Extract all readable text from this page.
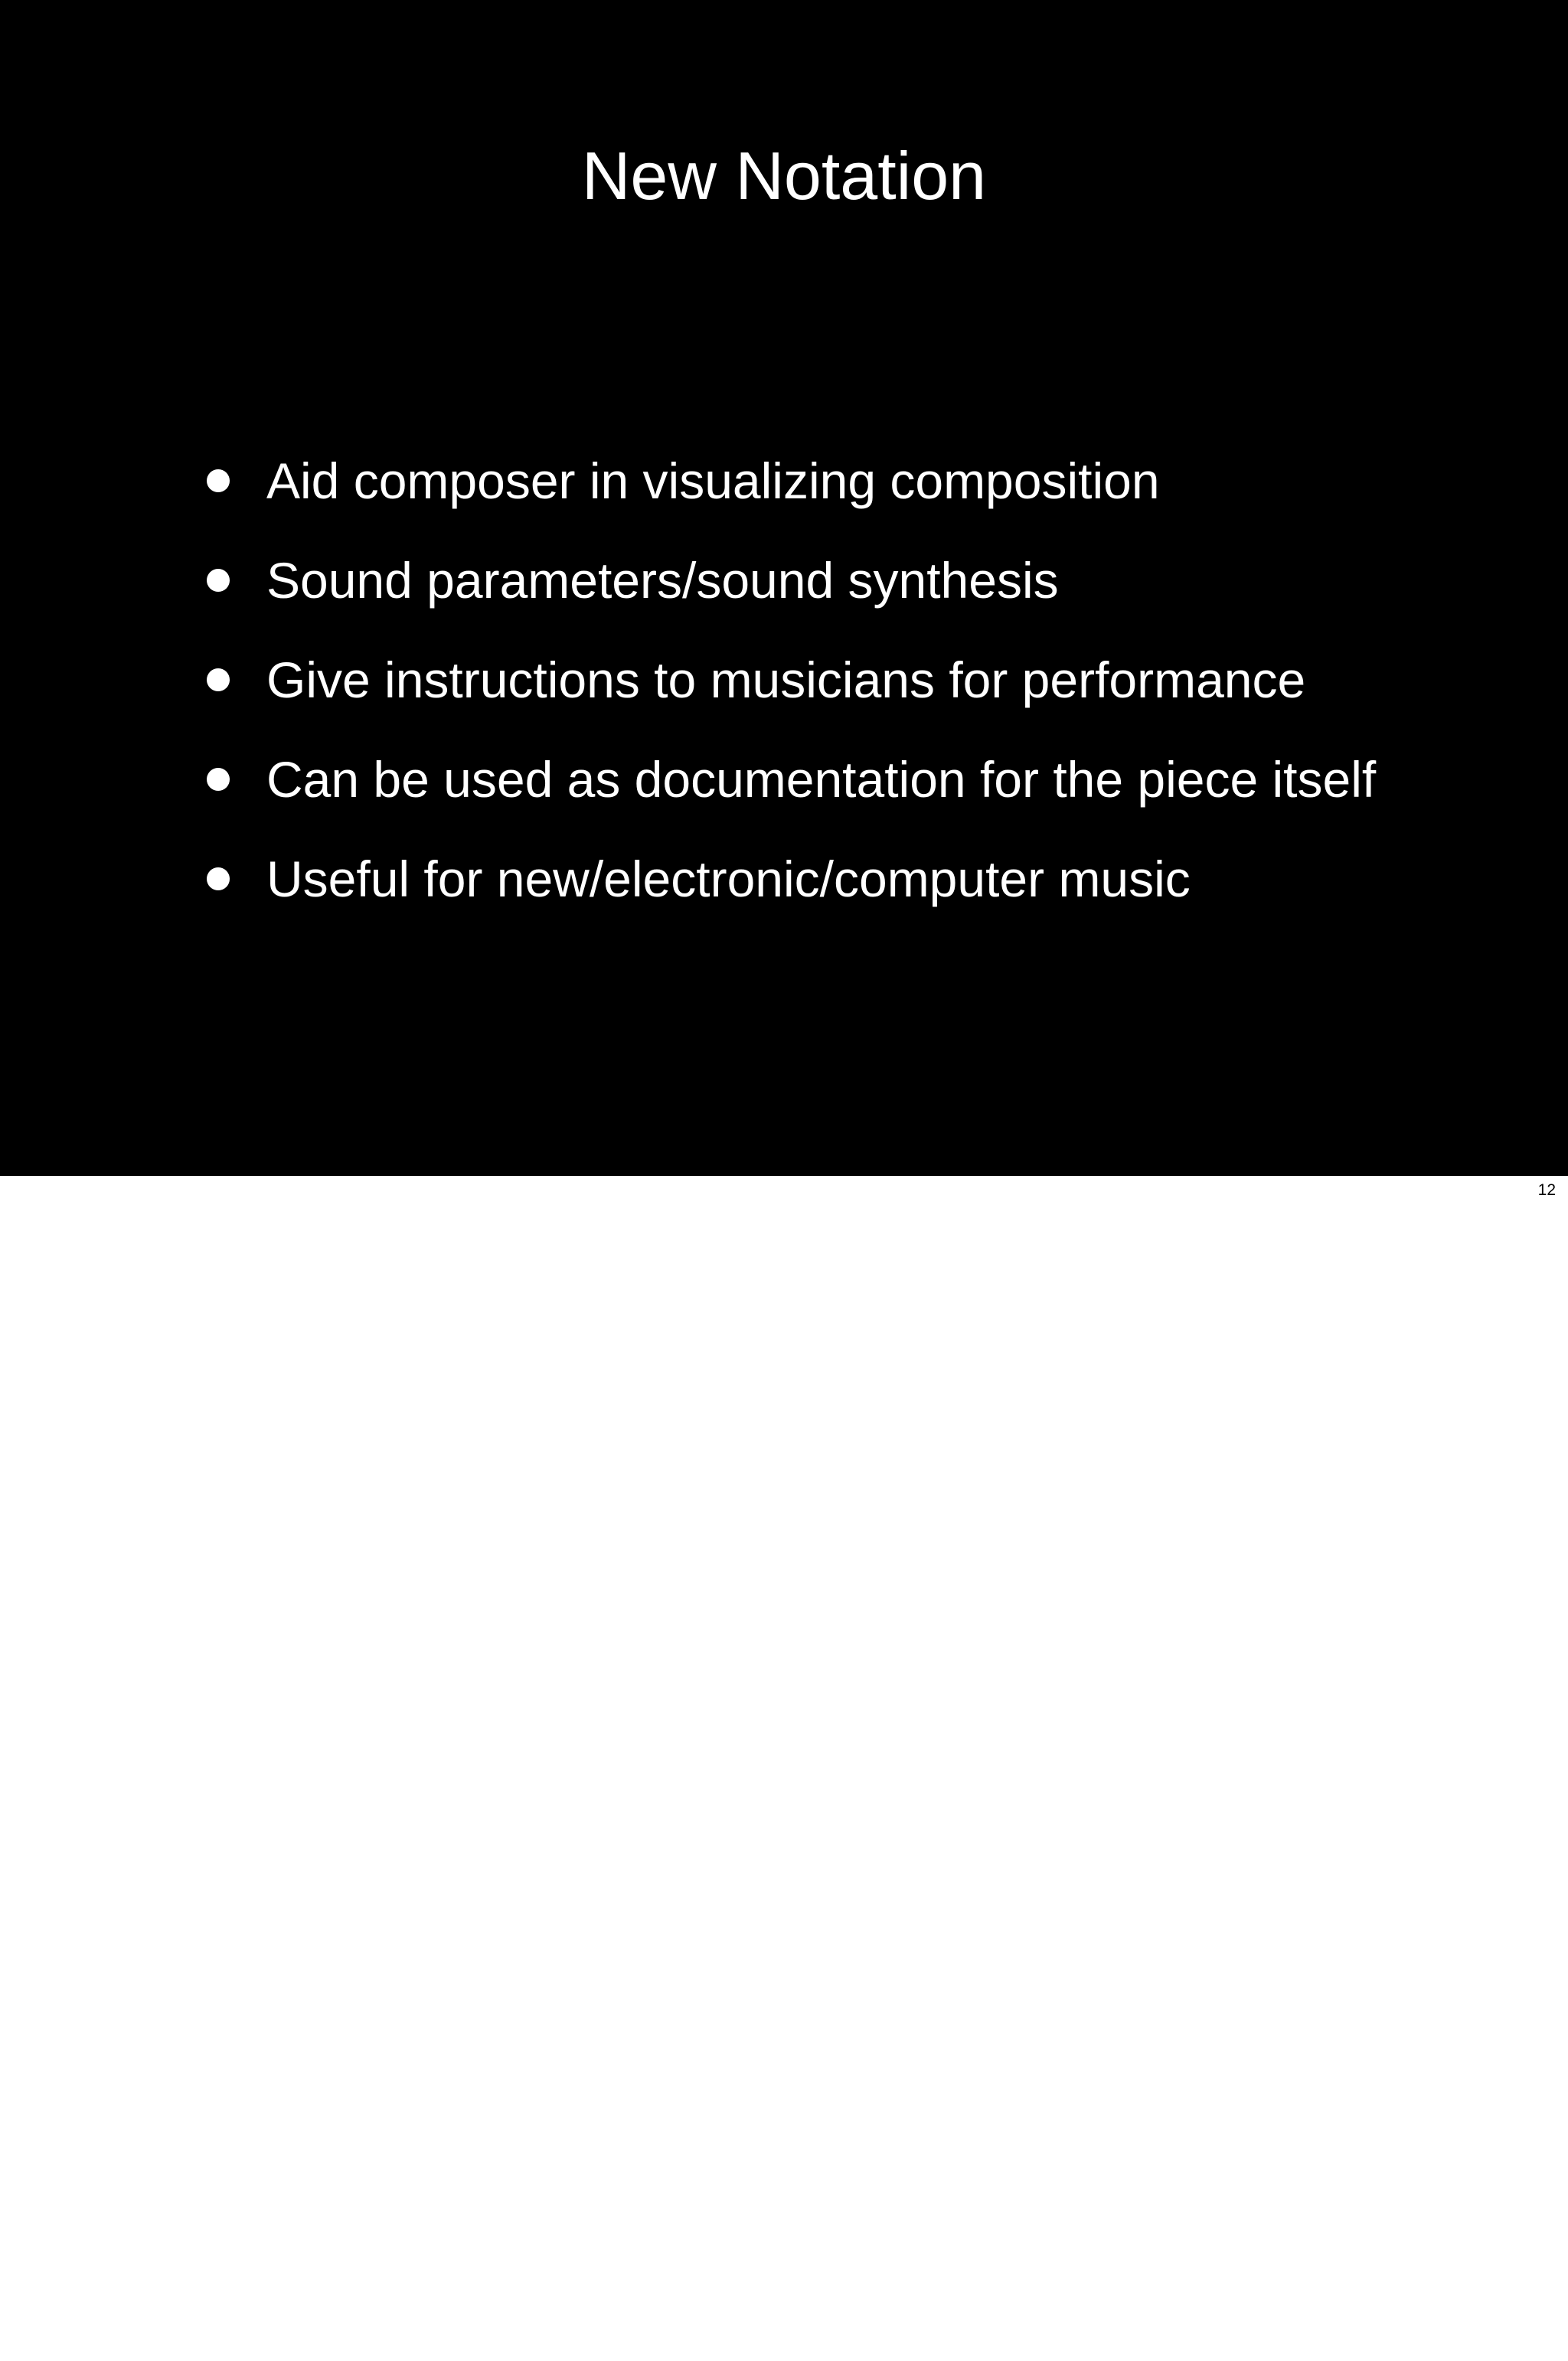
New Notation
Aid composer in visualizing composition
Sound parameters/sound synthesis
Give instructions to musicians for performance
Can be used as documentation for the piece itself
Useful for new/electronic/computer music
12
